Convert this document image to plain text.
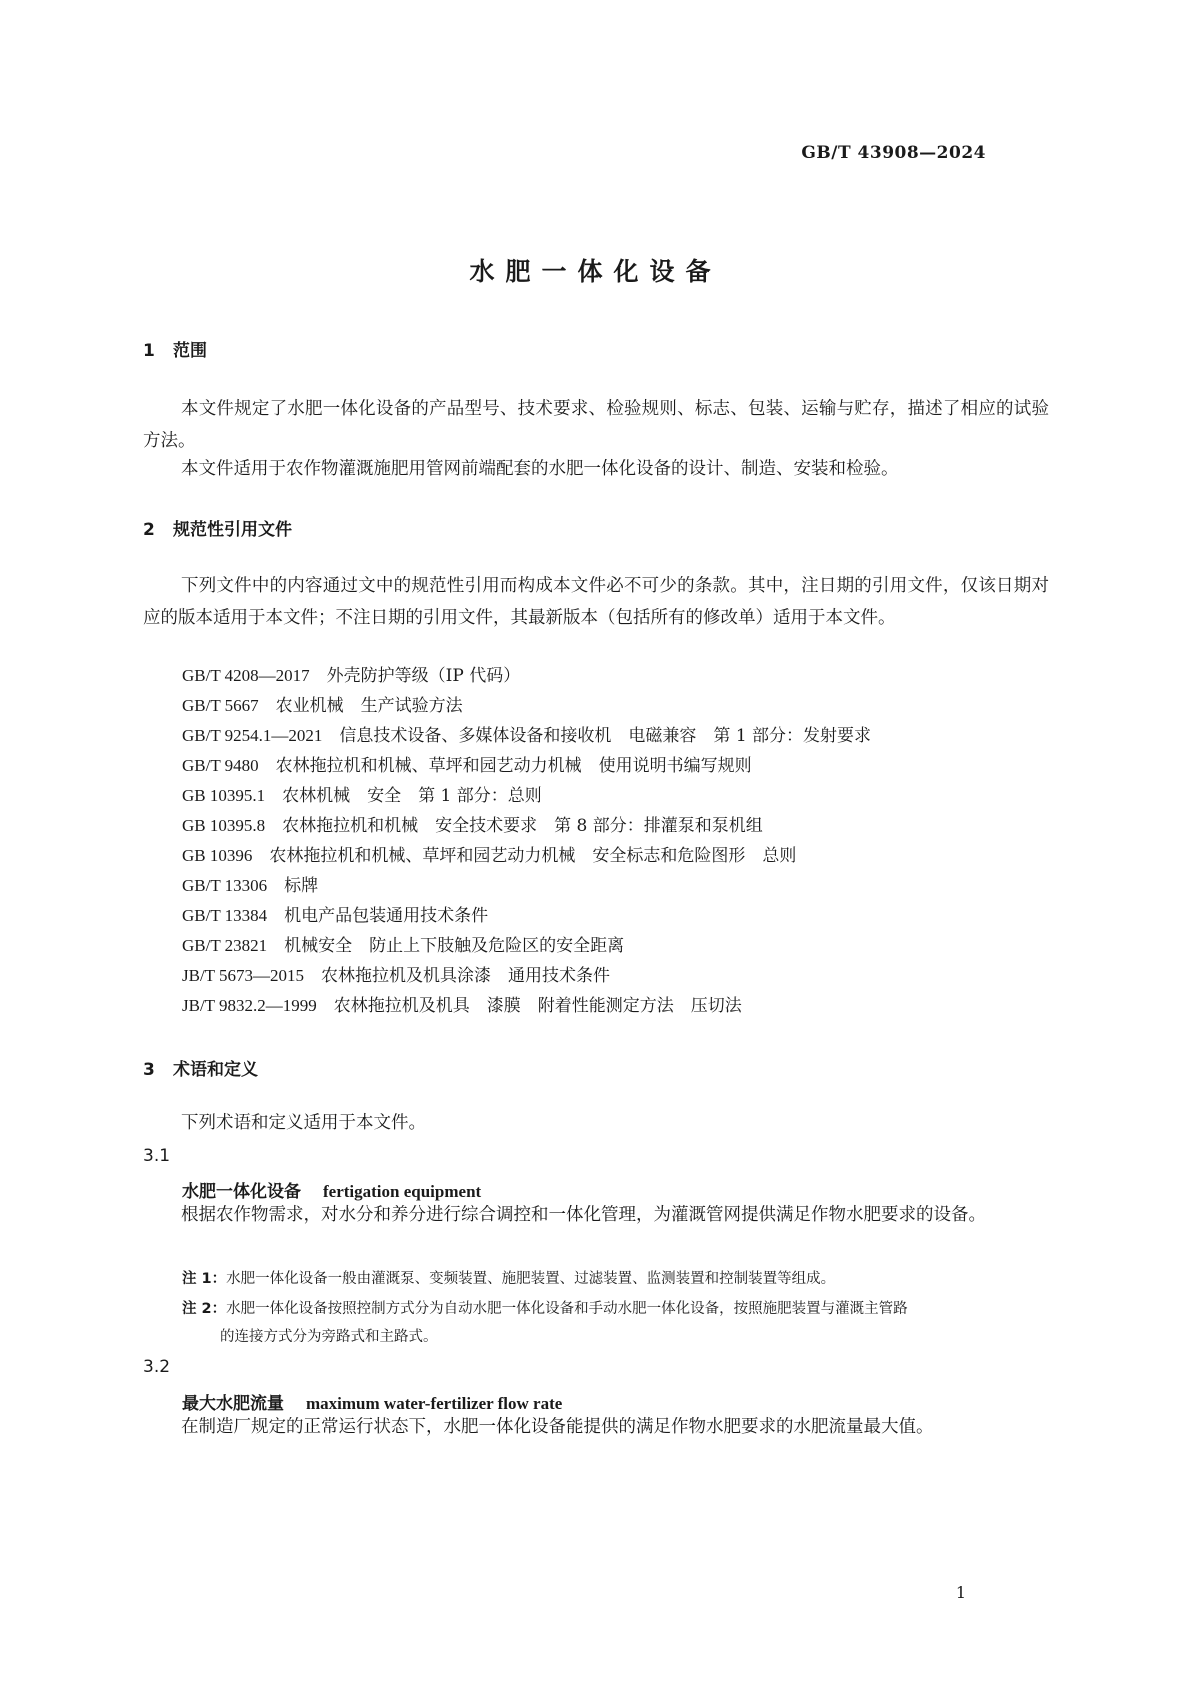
GB/T 43908—2024
水肥一体化设备
1 范围
本文件规定了水肥一体化设备的产品型号、技术要求、检验规则、标志、包装、运输与贮存，描述了相应的试验方法。
本文件适用于农作物灌溉施肥用管网前端配套的水肥一体化设备的设计、制造、安装和检验。
2 规范性引用文件
下列文件中的内容通过文中的规范性引用而构成本文件必不可少的条款。其中，注日期的引用文件，仅该日期对应的版本适用于本文件；不注日期的引用文件，其最新版本（包括所有的修改单）适用于本文件。
GB/T 4208—2017　 外壳防护等级（IP 代码）
GB/T 5667　 农业机械　生产试验方法
GB/T 9254.1—2021　 信息技术设备、多媒体设备和接收机　电磁兼容　第 1 部分：发射要求
GB/T 9480　 农林拖拉机和机械、草坪和园艺动力机械　使用说明书编写规则
GB 10395.1　 农林机械　安全　第 1 部分：总则
GB 10395.8　 农林拖拉机和机械　安全技术要求　第 8 部分：排灌泵和泵机组
GB 10396　 农林拖拉机和机械、草坪和园艺动力机械　安全标志和危险图形　总则
GB/T 13306　 标牌
GB/T 13384　 机电产品包装通用技术条件
GB/T 23821　 机械安全　防止上下肢触及危险区的安全距离
JB/T 5673—2015　 农林拖拉机及机具涂漆　通用技术条件
JB/T 9832.2—1999　 农林拖拉机及机具　漆膜　附着性能测定方法　压切法
3 术语和定义
下列术语和定义适用于本文件。
3.1
水肥一体化设备 fertigation equipment
根据农作物需求，对水分和养分进行综合调控和一体化管理，为灌溉管网提供满足作物水肥要求的设备。
注 1：水肥一体化设备一般由灌溉泵、变频装置、施肥装置、过滤装置、监测装置和控制装置等组成。
注 2：水肥一体化设备按照控制方式分为自动水肥一体化设备和手动水肥一体化设备，按照施肥装置与灌溉主管路
的连接方式分为旁路式和主路式。
3.2
最大水肥流量 maximum water-fertilizer flow rate
在制造厂规定的正常运行状态下，水肥一体化设备能提供的满足作物水肥要求的水肥流量最大值。
1
